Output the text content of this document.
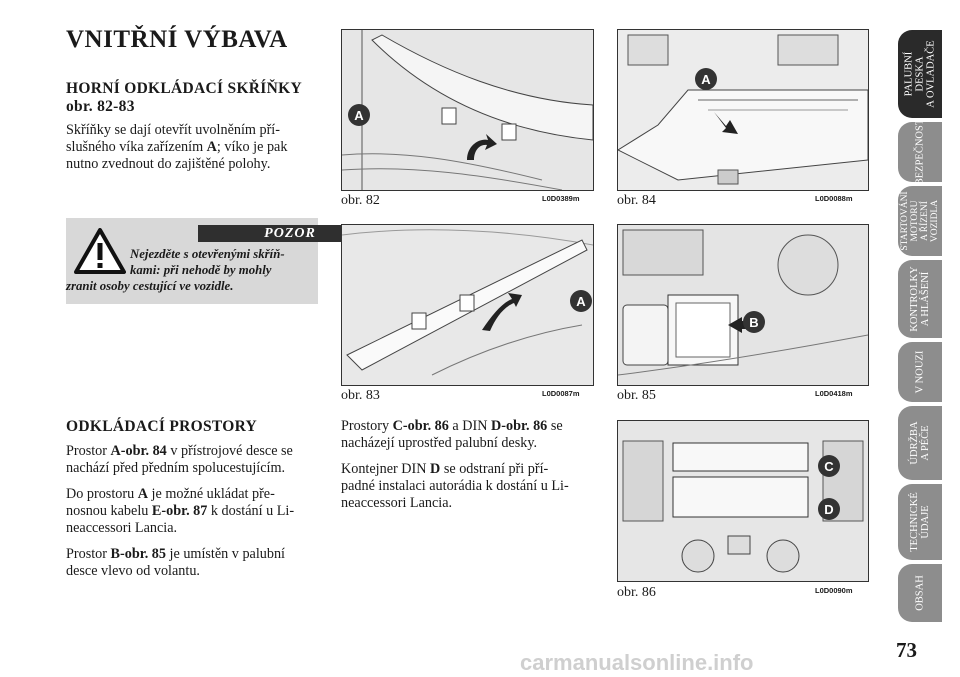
VNITŘNÍ VÝBAVA
HORNÍ ODKLÁDACÍ SKŘÍŇKY
obr. 82-83
Skříňky se dají otevřít uvolněním pří-
slušného víka zařízením A; víko je pak
nutno zvednout do zajištěné polohy.
POZOR
Nejezděte s otevřenými skříň-
kami: při nehodě by mohly
zranit osoby cestující ve vozidle.
ODKLÁDACÍ PROSTORY
Prostor A-obr. 84 v přístrojové desce se
nachází před předním spolucestujícím.
Do prostoru A je možné ukládat pře-
nosnou kabelu E-obr. 87 k dostání u Li-
neaccessori Lancia.
Prostor B-obr. 85 je umístěn v palubní
desce vlevo od volantu.
Prostory C-obr. 86 a DIN D-obr. 86 se
nacházejí uprostřed palubní desky.
Kontejner DIN D se odstraní při pří-
padné instalaci autorádia k dostání u Li-
neaccessori Lancia.
A
obr. 82	L0D0389m
A
obr. 84	L0D0088m
A
obr. 83	L0D0087m
B
obr. 85	L0D0418m
C
D
obr. 86	L0D0090m
PALUBNÍ
DESKA
A OVLADAČE
BEZPEČNOST
STARTOVÁNÍ
MOTORU
A ŘÍZENÍ
VOZIDLA
KONTROLKY
A HLÁŠENÍ
V NOUZI
ÚDRŽBA
A PÉČE
TECHNICKÉ
ÚDAJE
OBSAH
73
carmanualsonline.info
